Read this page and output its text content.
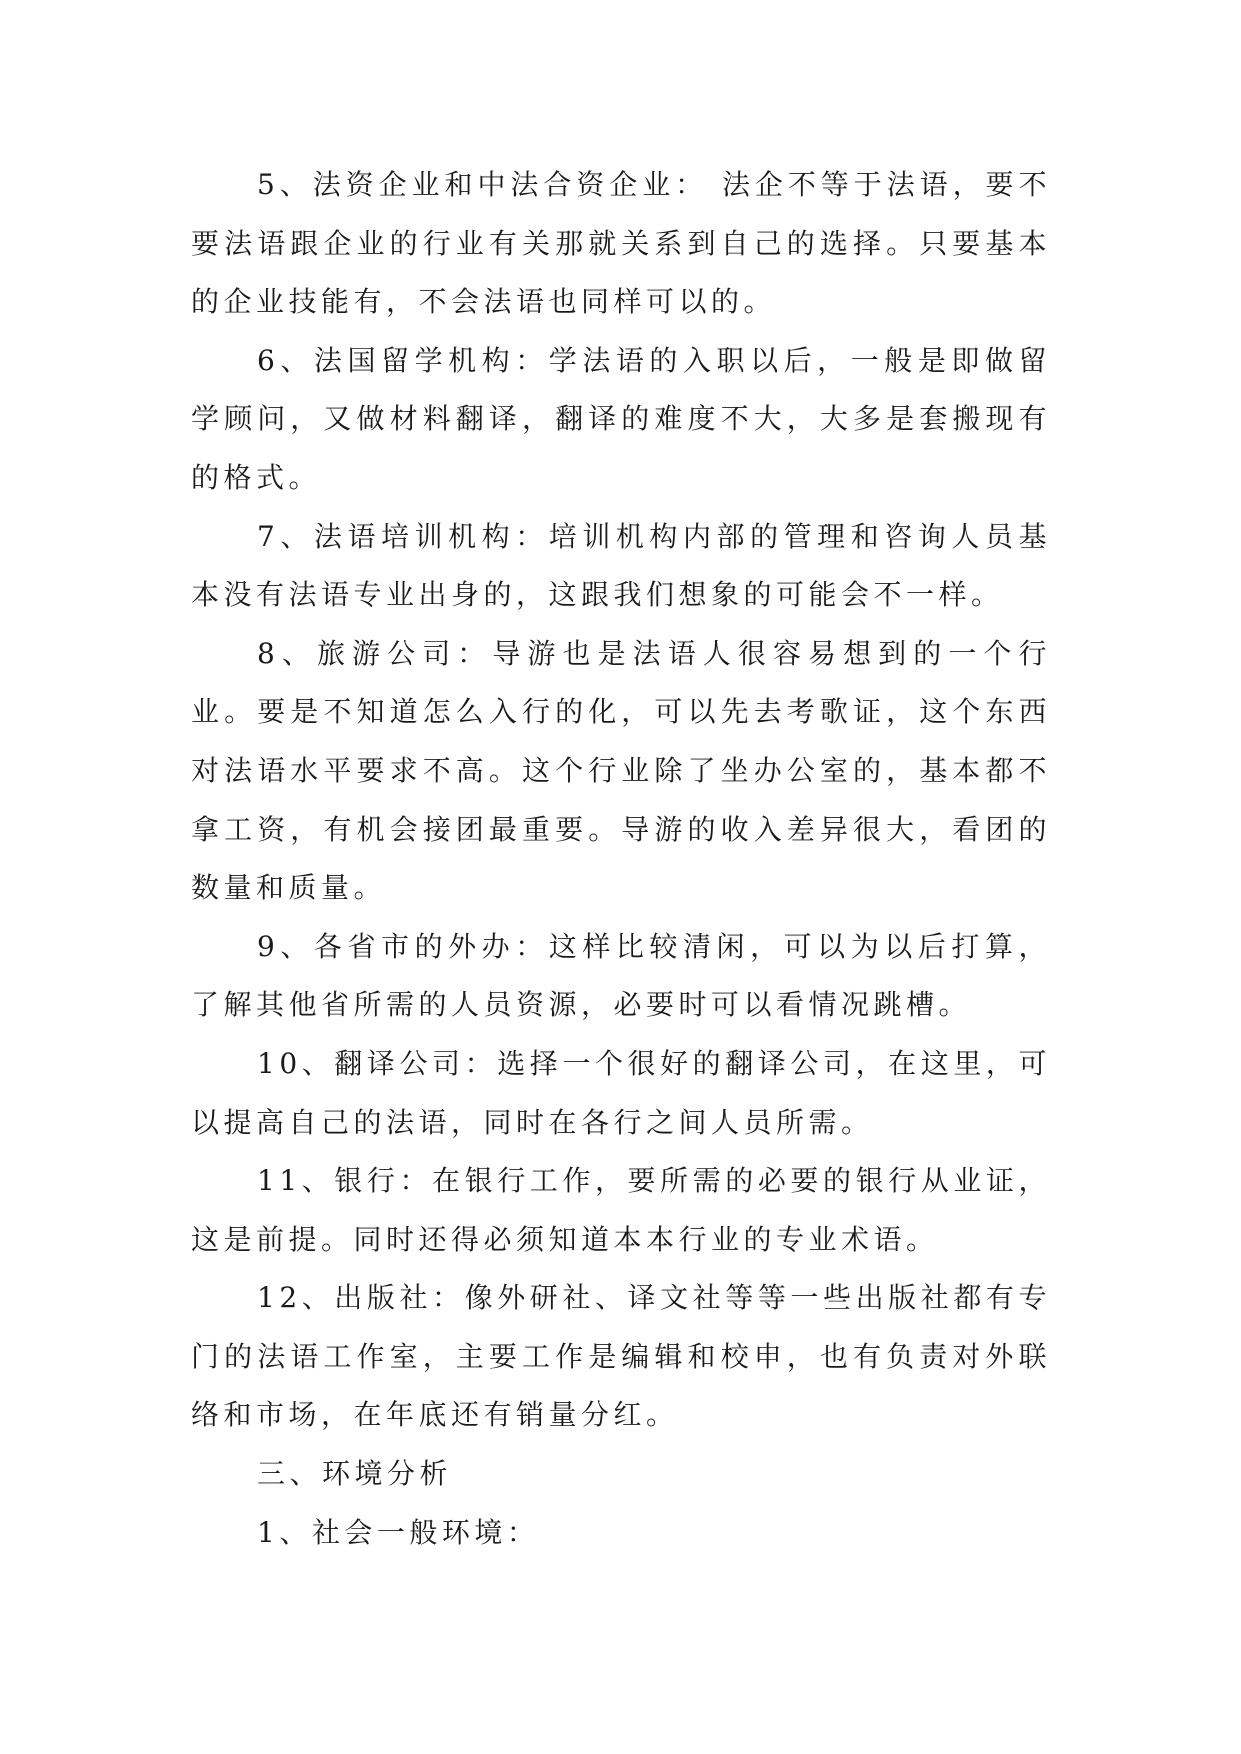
5、法资企业和中法合资企业： 法企不等于法语，要不要法语跟企业的行业有关那就关系到自己的选择。只要基本的企业技能有，不会法语也同样可以的。

6、法国留学机构：学法语的入职以后，一般是即做留学顾问，又做材料翻译，翻译的难度不大，大多是套搬现有的格式。

7、法语培训机构：培训机构内部的管理和咨询人员基本没有法语专业出身的，这跟我们想象的可能会不一样。

8、旅游公司：导游也是法语人很容易想到的一个行业。要是不知道怎么入行的化，可以先去考歌证，这个东西对法语水平要求不高。这个行业除了坐办公室的，基本都不拿工资，有机会接团最重要。导游的收入差异很大，看团的数量和质量。

9、各省市的外办：这样比较清闲，可以为以后打算，了解其他省所需的人员资源，必要时可以看情况跳槽。

10、翻译公司：选择一个很好的翻译公司，在这里，可以提高自己的法语，同时在各行之间人员所需。

11、银行：在银行工作，要所需的必要的银行从业证，这是前提。同时还得必须知道本本行业的专业术语。

12、出版社：像外研社、译文社等等一些出版社都有专门的法语工作室，主要工作是编辑和校申，也有负责对外联络和市场，在年底还有销量分红。

三、环境分析

1、社会一般环境：
